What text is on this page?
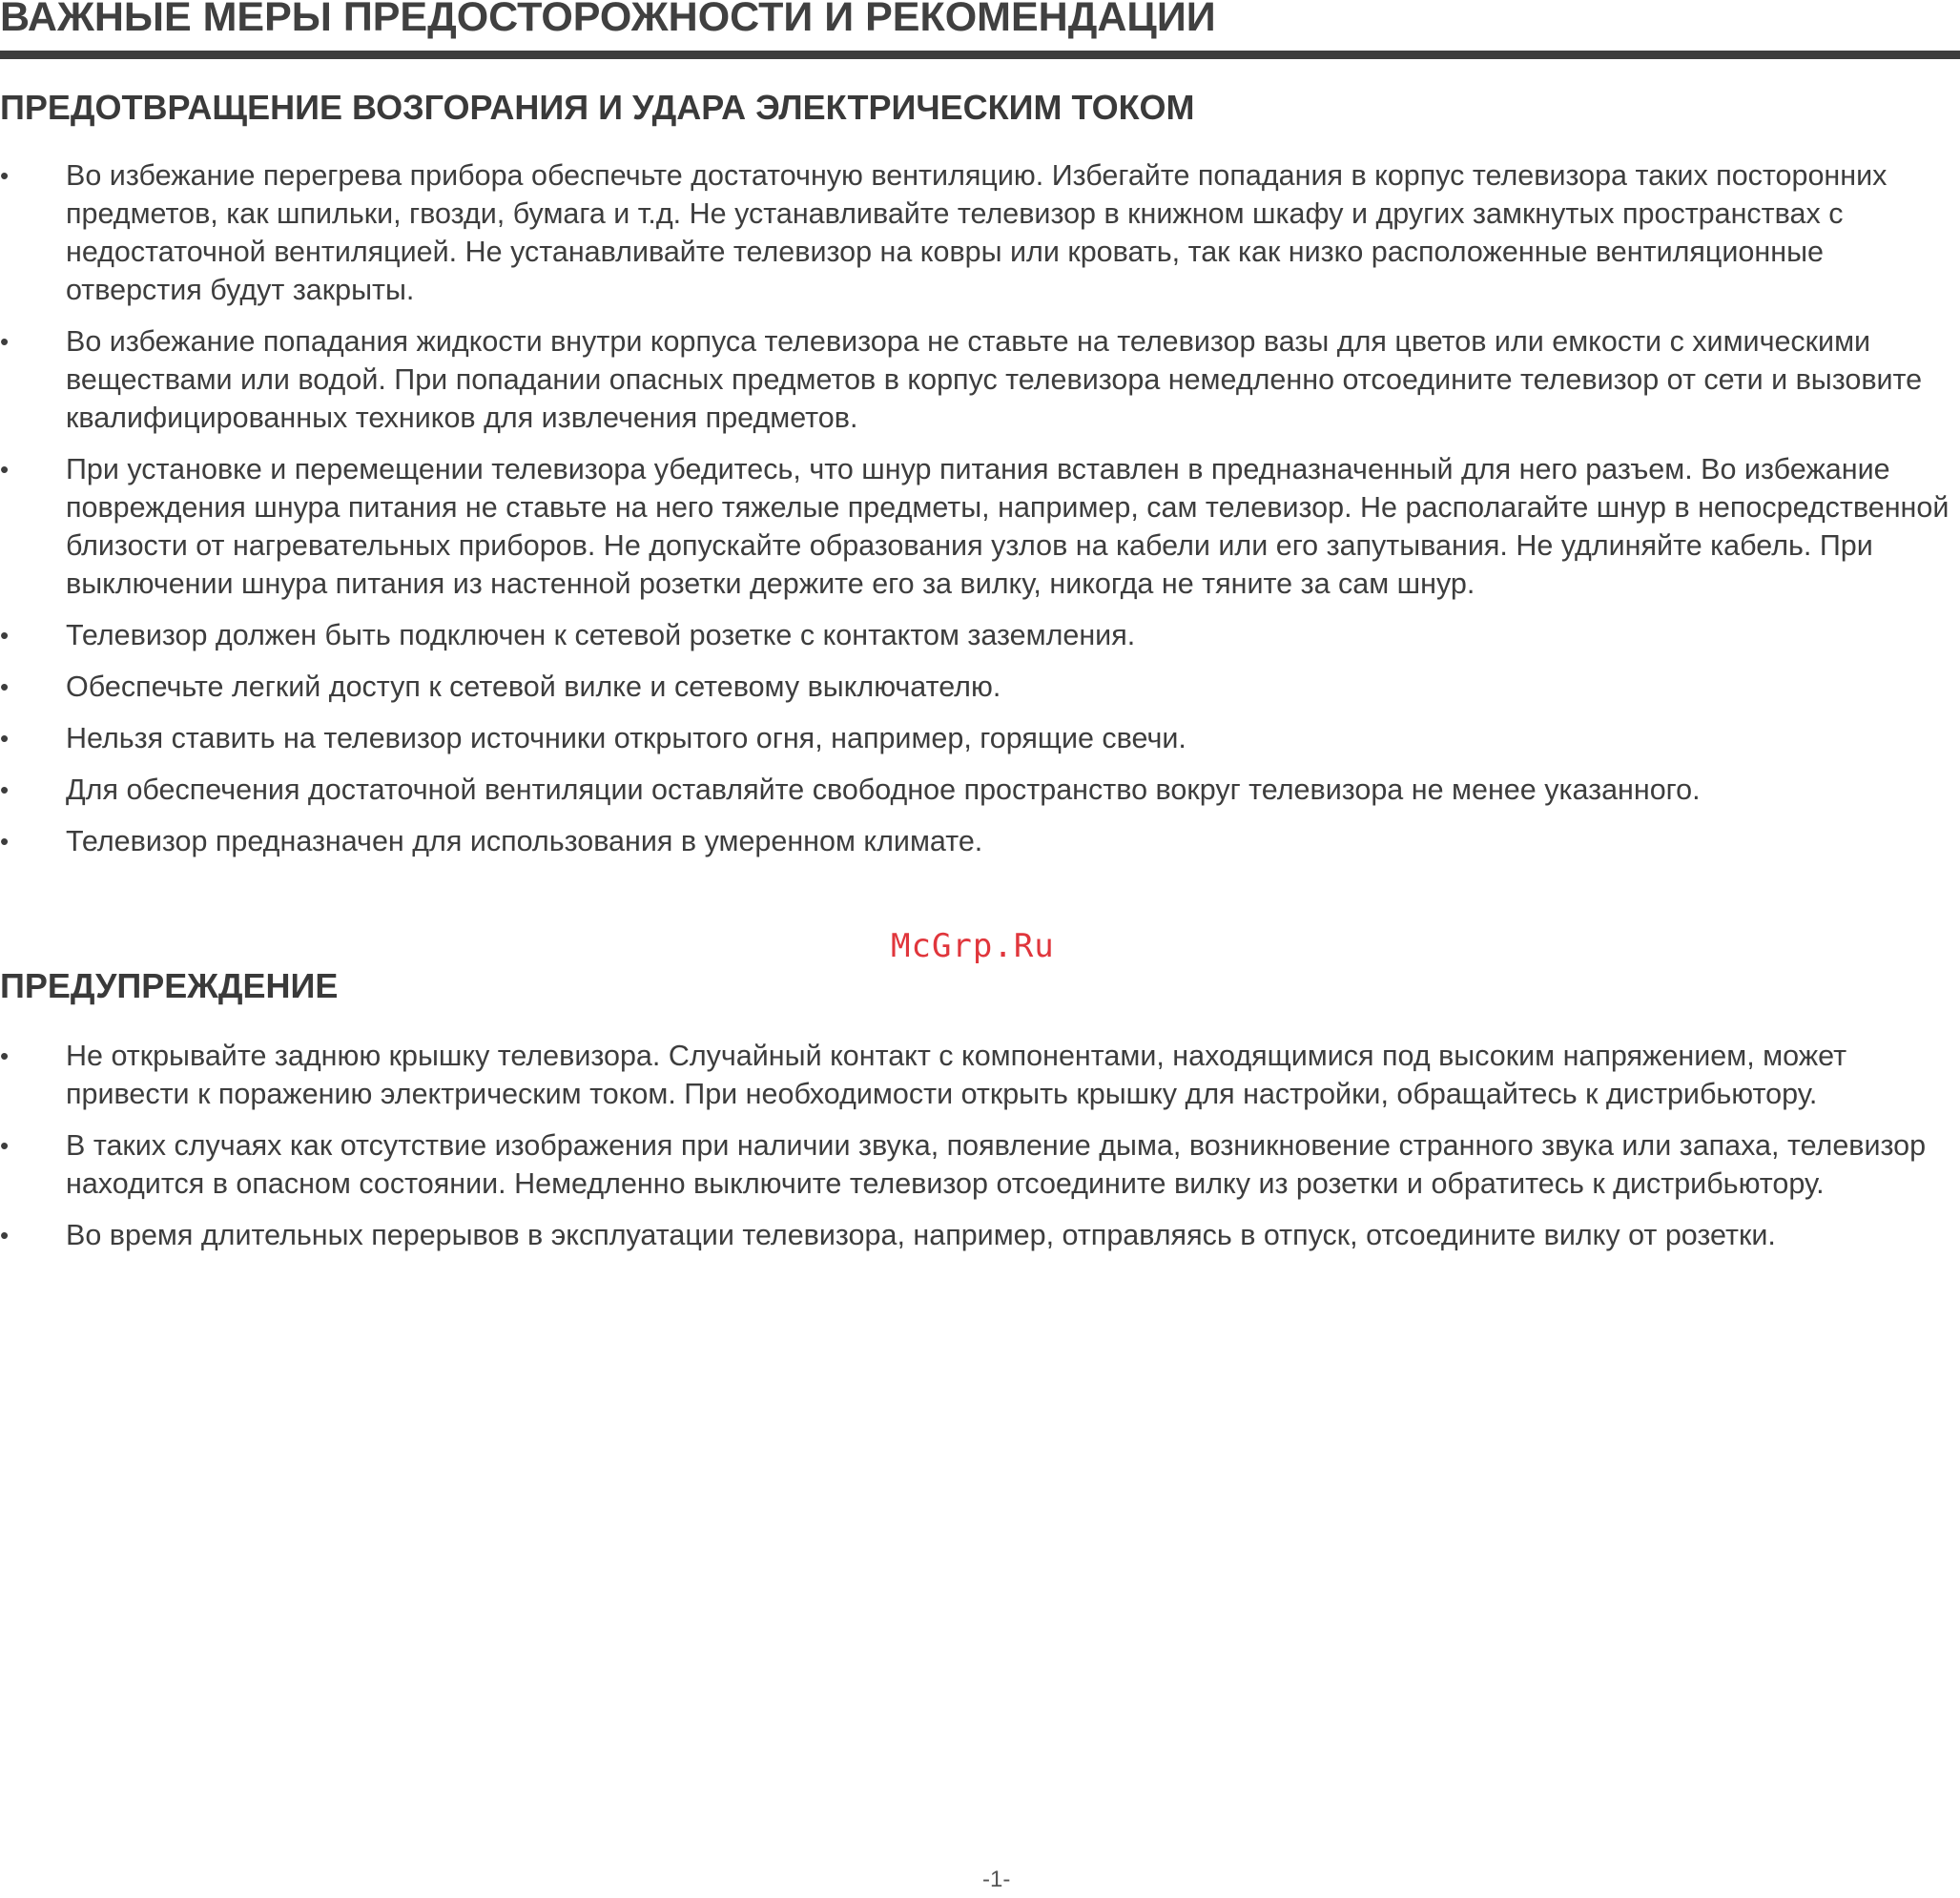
ВАЖНЫЕ МЕРЫ ПРЕДОСТОРОЖНОСТИ И РЕКОМЕНДАЦИИ
ПРЕДОТВРАЩЕНИЕ ВОЗГОРАНИЯ И УДАРА ЭЛЕКТРИЧЕСКИМ ТОКОМ
•	Во избежание перегрева прибора обеспечьте достаточную вентиляцию. Избегайте попадания в корпус телевизора таких посторонних предметов, как шпильки, гвозди, бумага и т.д. Не устанавливайте телевизор в книжном шкафу и других замкнутых пространствах с недостаточной вентиляцией. Не устанавливайте телевизор на ковры или кровать, так как низко расположенные вентиляционные отверстия будут закрыты.
•	Во избежание попадания жидкости внутри корпуса телевизора не ставьте на телевизор вазы для цветов или емкости с химическими веществами или водой. При попадании опасных предметов в корпус телевизора немедленно отсоедините телевизор от сети и вызовите квалифицированных техников для извлечения предметов.
•	При установке и перемещении телевизора убедитесь, что шнур питания вставлен в предназначенный для него разъем. Во избежание повреждения шнура питания не ставьте на него тяжелые предметы, например, сам телевизор. Не располагайте шнур в непосредственной близости от нагревательных приборов. Не допускайте образования узлов на кабели или его запутывания. Не удлиняйте кабель. При выключении шнура питания из настенной розетки держите его за вилку, никогда не тяните за сам шнур.
•	Телевизор должен быть подключен к сетевой розетке с контактом заземления.
•	Обеспечьте легкий доступ к сетевой вилке и сетевому выключателю.
•	Нельзя ставить на телевизор источники открытого огня, например, горящие свечи.
•	Для обеспечения достаточной вентиляции оставляйте свободное пространство вокруг телевизора не менее указанного.
•	Телевизор предназначен для использования в умеренном климате.
McGrp.Ru
ПРЕДУПРЕЖДЕНИЕ
•	Не открывайте заднюю крышку телевизора. Случайный контакт с компонентами, находящимися под высоким напряжением, может привести к поражению электрическим током. При необходимости открыть крышку для настройки, обращайтесь к дистрибьютору.
•	В таких случаях как отсутствие изображения при наличии звука, появление дыма, возникновение странного звука или запаха, телевизор находится в опасном состоянии. Немедленно выключите телевизор отсоедините вилку из розетки и обратитесь к дистрибьютору.
•	Во время длительных перерывов в эксплуатации телевизора, например, отправляясь в отпуск, отсоедините вилку от розетки.
-1-
